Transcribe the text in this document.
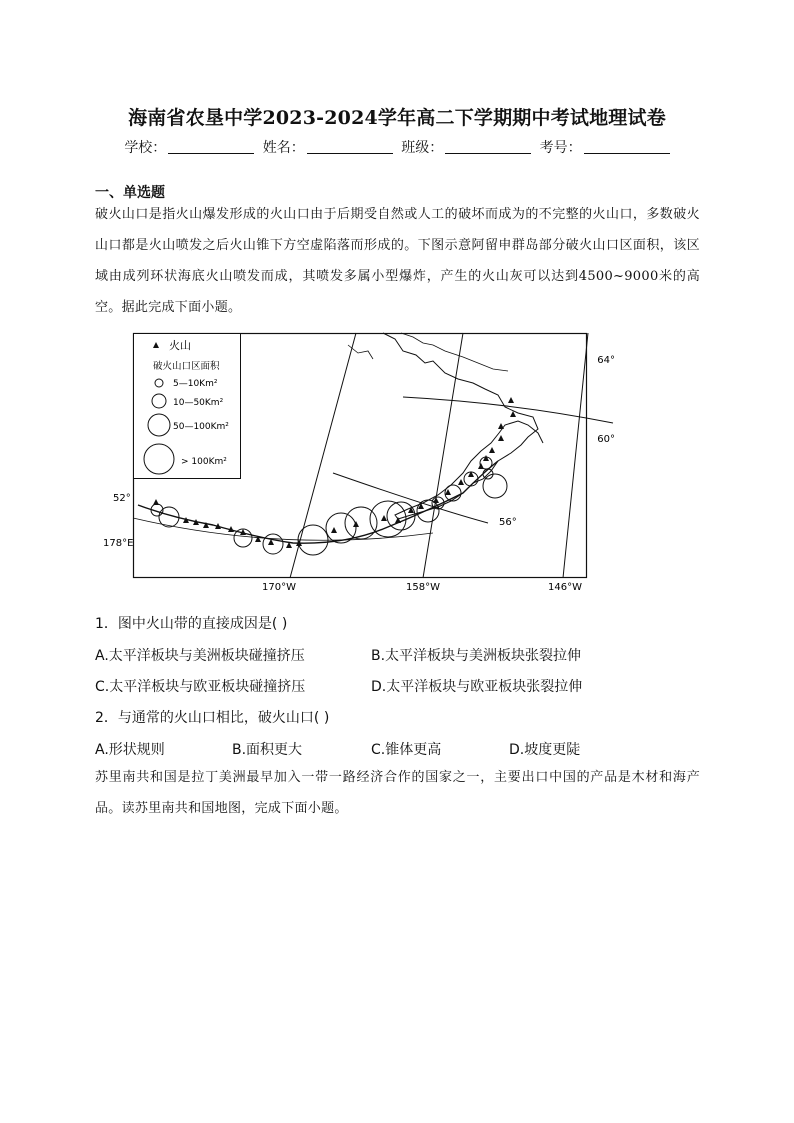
海南省农垦中学2023-2024学年高二下学期期中考试地理试卷
学校：	姓名：	班级：	考号：
一、单选题
破火山口是指火山爆发形成的火山口由于后期受自然或人工的破坏而成为的不完整的火山口，多数破火山口都是火山喷发之后火山锥下方空虚陷落而形成的。下图示意阿留申群岛部分破火山口区面积，该区域由成列环状海底火山喷发而成，其喷发多属小型爆炸，产生的火山灰可以达到4500~9000米的高空。据此完成下面小题。
火山
破火山口区面积
5—10Km²
10—50Km²
50—100Km²
> 100Km²
64°
60°
56°
52°
178°E
170°W	158°W	146°W
1．图中火山带的直接成因是( )
A.太平洋板块与美洲板块碰撞挤压	B.太平洋板块与美洲板块张裂拉伸
C.太平洋板块与欧亚板块碰撞挤压	D.太平洋板块与欧亚板块张裂拉伸
2．与通常的火山口相比，破火山口( )
A.形状规则	B.面积更大	C.锥体更高	D.坡度更陡
苏里南共和国是拉丁美洲最早加入一带一路经济合作的国家之一，主要出口中国的产品是木材和海产品。读苏里南共和国地图，完成下面小题。
